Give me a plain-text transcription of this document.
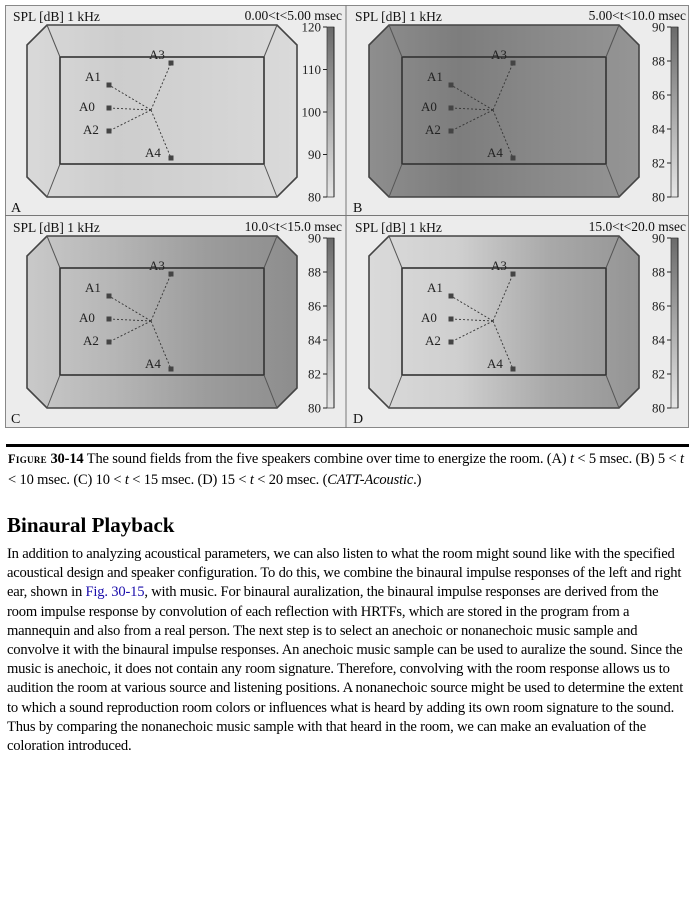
A1
A0
A2
A3
A4
SPL [dB] 1 kHz	0.00<t<5.00 msec
A
120
110
100
90
80
A1
A0
A2
A3
A4
SPL [dB] 1 kHz	5.00<t<10.0 msec
B
90
88
86
84
82
80
A1
A0
A2
A3
A4
SPL [dB] 1 kHz	10.0<t<15.0 msec
C
90
88
86
84
82
80
A1
A0
A2
A3
A4
SPL [dB] 1 kHz	15.0<t<20.0 msec
D
90
88
86
84
82
80
Figure 30-14 The sound fields from the five speakers combine over time to energize the room. (A) t < 5 msec. (B) 5 < t < 10 msec. (C) 10 < t < 15 msec. (D) 15 < t < 20 msec. (CATT-Acoustic.)
Binaural Playback

In addition to analyzing acoustical parameters, we can also listen to what the room might sound like with the specified acoustical design and speaker configuration. To do this, we combine the binaural impulse responses of the left and right ear, shown in Fig. 30-15, with music. For binaural auralization, the binaural impulse responses are derived from the room impulse response by convolution of each reflection with HRTFs, which are stored in the program from a mannequin and also from a real person. The next step is to select an anechoic or nonanechoic music sample and convolve it with the binaural impulse responses. An anechoic music sample can be used to auralize the sound. Since the music is anechoic, it does not contain any room signature. Therefore, convolving with the room response allows us to audition the room at various source and listening positions. A nonanechoic source might be used to determine the extent to which a sound reproduction room colors or influences what is heard by adding its own room signature to the sound. Thus by comparing the nonanechoic music sample with that heard in the room, we can make an evaluation of the coloration introduced.
